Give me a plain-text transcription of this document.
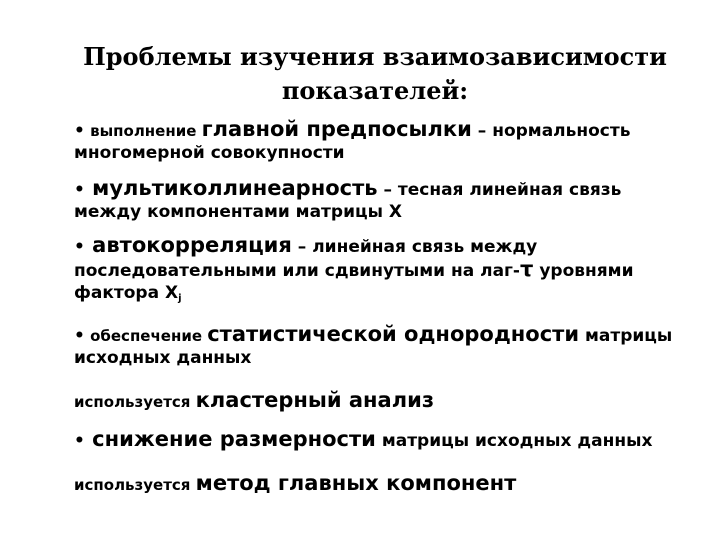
Проблемы изучения взаимозависимости показателей:

• выполнение главной предпосылки – нормальность многомерной совокупности

• мультиколлинеарность – тесная линейная связь между компонентами матрицы Х

• автокорреляция – линейная связь между последовательными или сдвинутыми на лаг-τ уровнями фактора $Х_j$

• обеспечение статистической однородности матрицы исходных данных

используется кластерный анализ

• снижение размерности матрицы исходных данных

используется метод главных компонент
